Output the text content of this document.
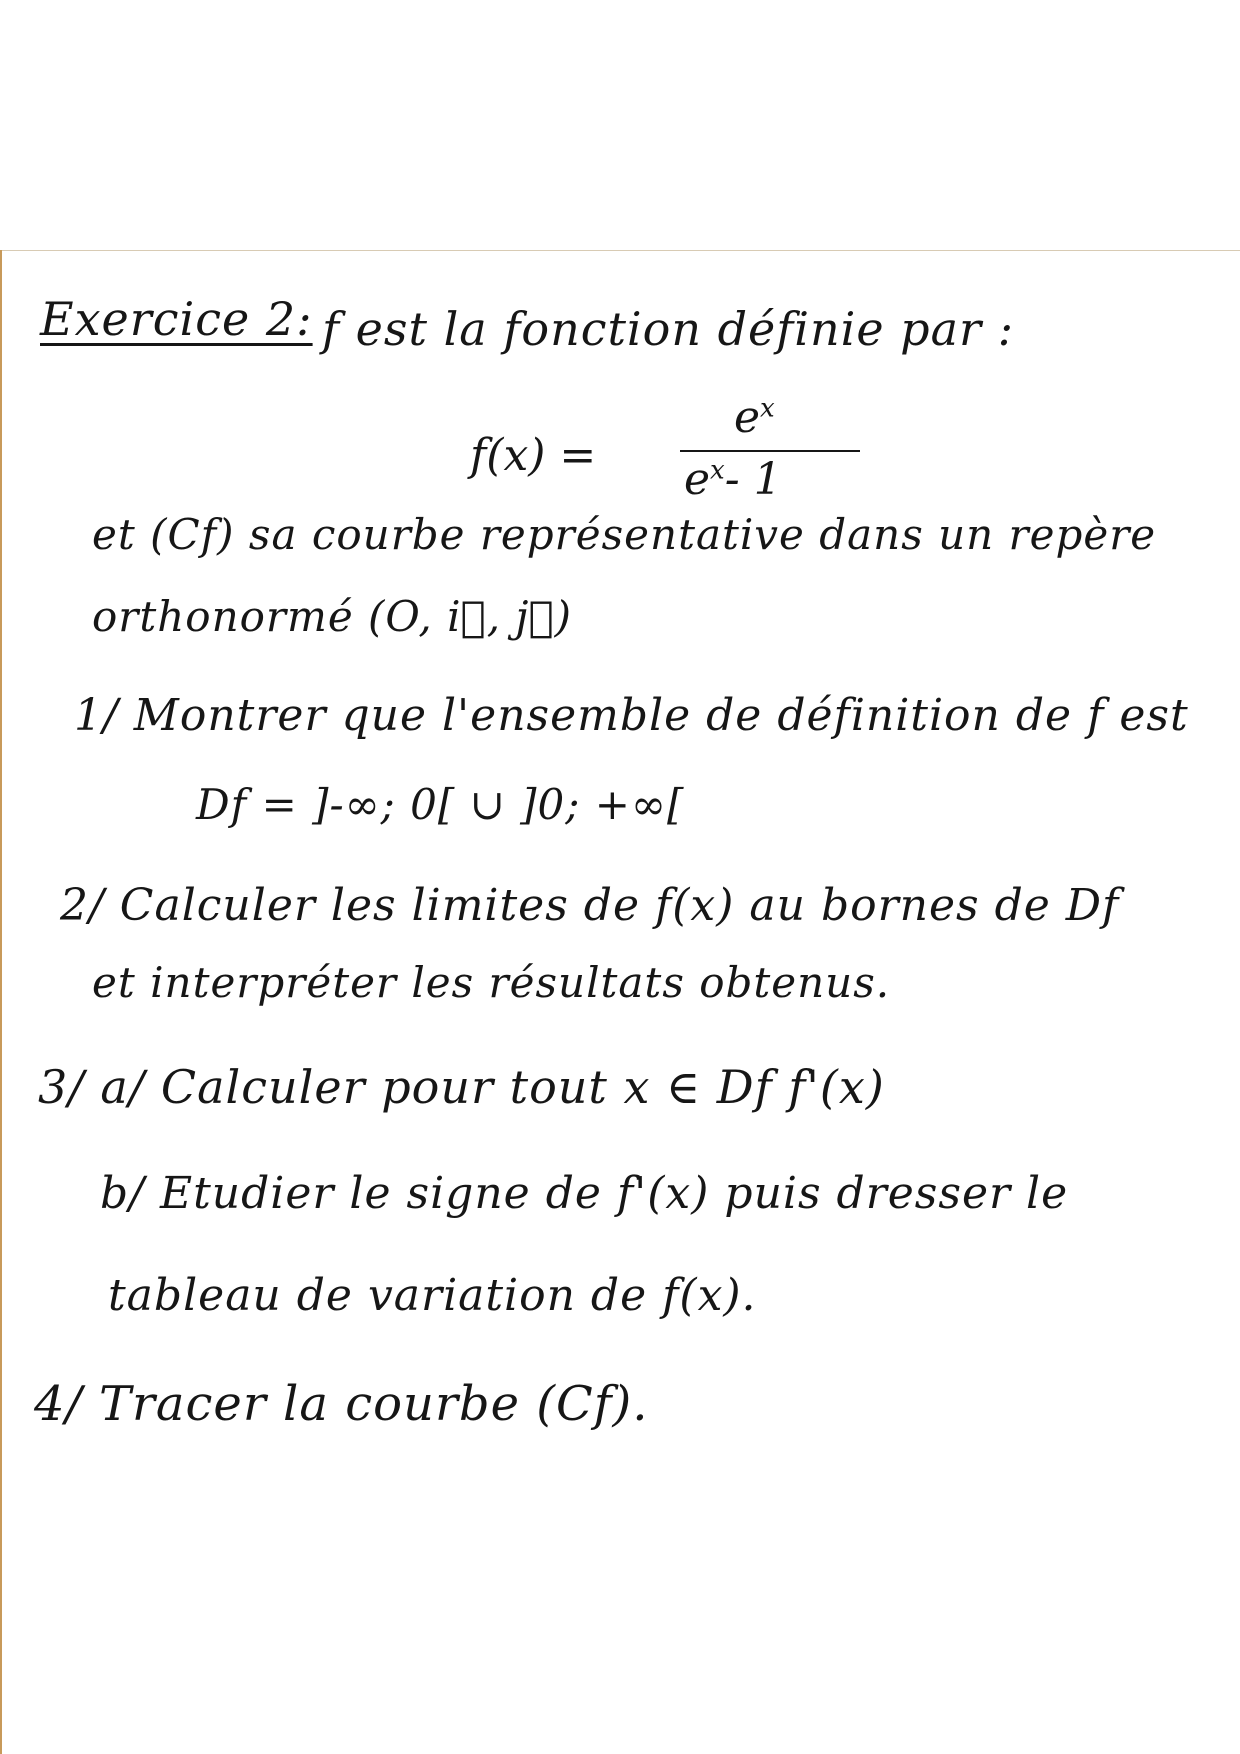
Exercice 2: f est la fonction définie par :
f(x) =
$e^x$
$e^x-$ 1
et (Cf) sa courbe représentative dans un repère
orthonormé (O, i⃗, j⃗)
1/ Montrer que l'ensemble de définition de f est
Df = ]-∞; 0[ ∪ ]0; +∞[
2/ Calculer les limites de f(x) au bornes de Df
et interpréter les résultats obtenus.
3/ a/ Calculer pour tout x ∈ Df f'(x)
b/ Etudier le signe de f'(x) puis dresser le
tableau de variation de f(x).
4/ Tracer la courbe (Cf).
